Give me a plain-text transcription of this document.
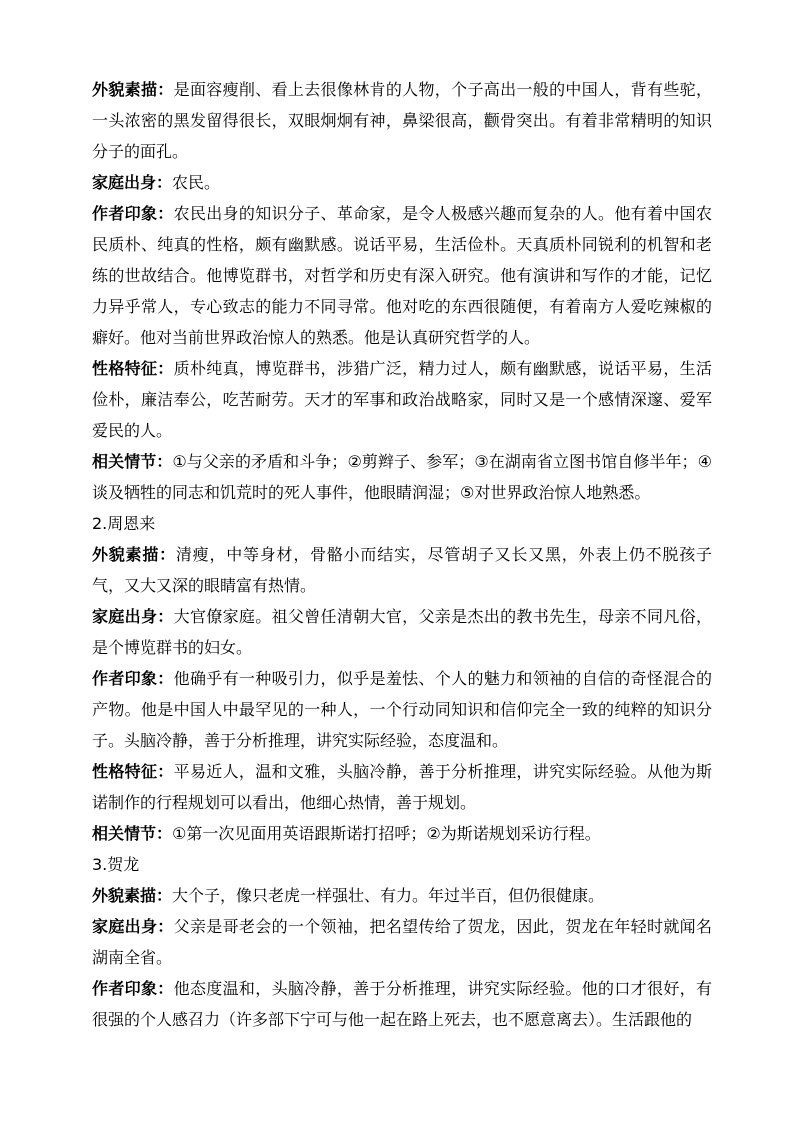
外貌素描：是面容瘦削、看上去很像林肯的人物，个子高出一般的中国人，背有些驼，一头浓密的黑发留得很长，双眼炯炯有神，鼻梁很高，颧骨突出。有着非常精明的知识分子的面孔。

家庭出身：农民。

作者印象：农民出身的知识分子、革命家，是令人极感兴趣而复杂的人。他有着中国农民质朴、纯真的性格，颇有幽默感。说话平易，生活俭朴。天真质朴同锐利的机智和老练的世故结合。他博览群书，对哲学和历史有深入研究。他有演讲和写作的才能，记忆力异乎常人，专心致志的能力不同寻常。他对吃的东西很随便，有着南方人爱吃辣椒的癖好。他对当前世界政治惊人的熟悉。他是认真研究哲学的人。

性格特征：质朴纯真，博览群书，涉猎广泛，精力过人，颇有幽默感，说话平易，生活俭朴，廉洁奉公，吃苦耐劳。天才的军事和政治战略家，同时又是一个感情深邃、爱军爱民的人。

相关情节：①与父亲的矛盾和斗争；②剪辫子、参军；③在湖南省立图书馆自修半年；④谈及牺牲的同志和饥荒时的死人事件，他眼睛润湿；⑤对世界政治惊人地熟悉。

2.周恩来

外貌素描：清瘦，中等身材，骨骼小而结实，尽管胡子又长又黑，外表上仍不脱孩子气，又大又深的眼睛富有热情。

家庭出身：大官僚家庭。祖父曾任清朝大官，父亲是杰出的教书先生，母亲不同凡俗，是个博览群书的妇女。

作者印象：他确乎有一种吸引力，似乎是羞怯、个人的魅力和领袖的自信的奇怪混合的产物。他是中国人中最罕见的一种人，一个行动同知识和信仰完全一致的纯粹的知识分子。头脑冷静，善于分析推理，讲究实际经验，态度温和。

性格特征：平易近人，温和文雅，头脑冷静，善于分析推理，讲究实际经验。从他为斯诺制作的行程规划可以看出，他细心热情，善于规划。

相关情节：①第一次见面用英语跟斯诺打招呼；②为斯诺规划采访行程。

3.贺龙

外貌素描：大个子，像只老虎一样强壮、有力。年过半百，但仍很健康。

家庭出身：父亲是哥老会的一个领袖，把名望传给了贺龙，因此，贺龙在年轻时就闻名湖南全省。

作者印象：他态度温和，头脑冷静，善于分析推理，讲究实际经验。他的口才很好，有很强的个人感召力（许多部下宁可与他一起在路上死去，也不愿意离去）。生活跟他的
